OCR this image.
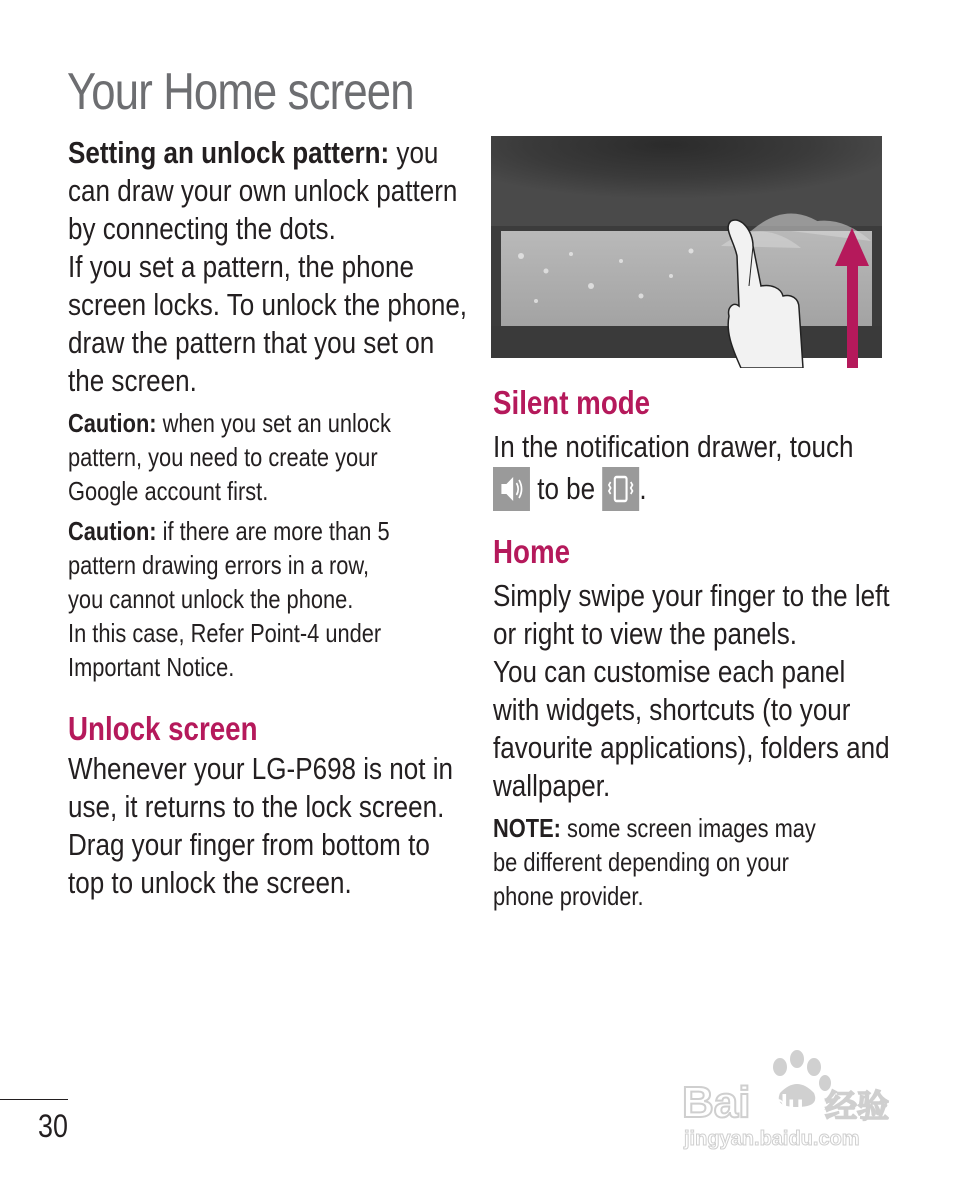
Your Home screen

Setting an unlock pattern: you

can draw your own unlock pattern

by connecting the dots.

If you set a pattern, the phone

screen locks. To unlock the phone,

draw the pattern that you set on

the screen.

Caution: when you set an unlock

pattern, you need to create your

Google account first.

Caution: if there are more than 5

pattern drawing errors in a row,

you cannot unlock the phone.

In this case, Refer Point-4 under

Important Notice.

Unlock screen

Whenever your LG-P698 is not in

use, it returns to the lock screen.

Drag your finger from bottom to

top to unlock the screen.

Silent mode

In the notification drawer, touch

to be .

Home

Simply swipe your finger to the left

or right to view the panels.

You can customise each panel

with widgets, shortcuts (to your

favourite applications), folders and

wallpaper.

NOTE: some screen images may

be different depending on your

phone provider.

30	Bai du 经验
jingyan.baidu.com
